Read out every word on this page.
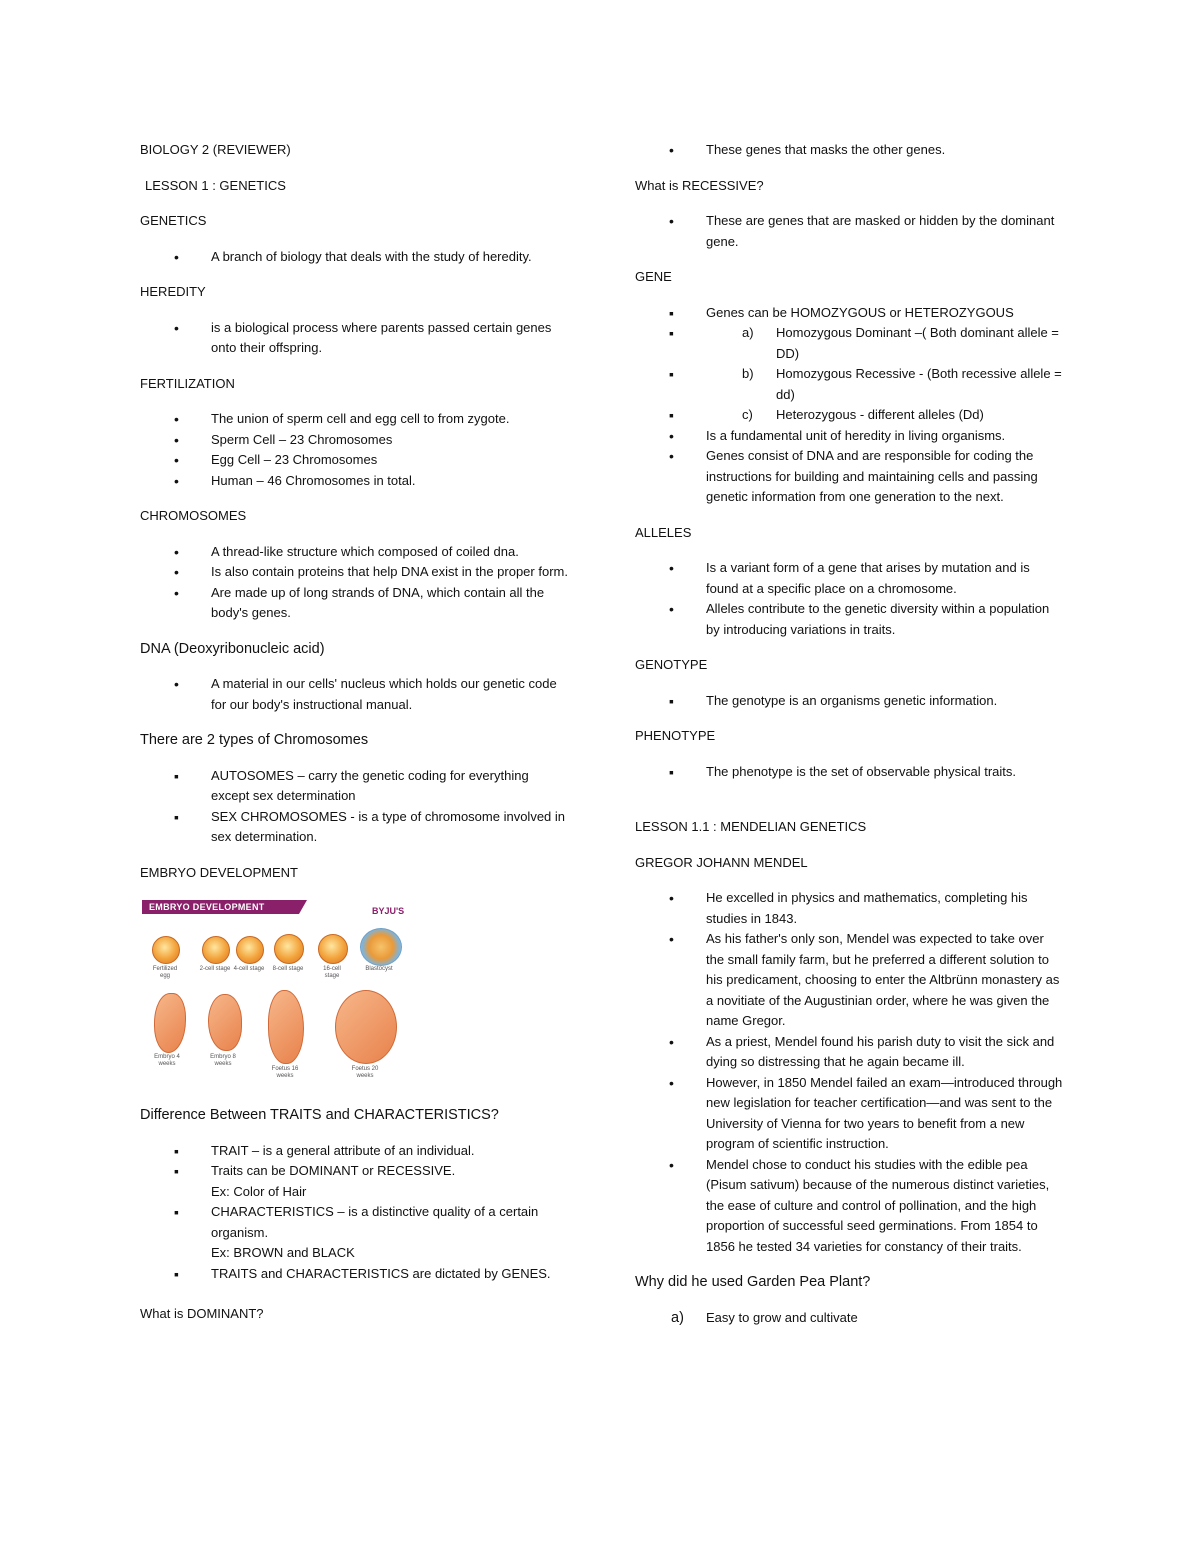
BIOLOGY 2 (REVIEWER)
LESSON 1 : GENETICS
GENETICS
• A branch of biology that deals with the study of heredity.
HEREDITY
• is a biological process where parents passed certain genes onto their offspring.
FERTILIZATION
• The union of sperm cell and egg cell to from zygote.
• Sperm Cell – 23 Chromosomes
• Egg Cell – 23 Chromosomes
• Human – 46 Chromosomes in total.
CHROMOSOMES
• A thread-like structure which composed of coiled dna.
• Is also contain proteins that help DNA exist in the proper form.
• Are made up of long strands of DNA, which contain all the body's genes.
DNA (Deoxyribonucleic acid)
• A material in our cells' nucleus which holds our genetic code for our body's instructional manual.
There are 2 types of Chromosomes
▪ AUTOSOMES – carry the genetic coding for everything except sex determination
▪ SEX CHROMOSOMES - is a type of chromosome involved in sex determination.
EMBRYO DEVELOPMENT
EMBRYO DEVELOPMENT	BYJU'S
Fertilized egg
2-cell stage 4-cell stage 8-cell stage	16-cell stage
Blastocyst
Embryo 4 weeks
Embryo 8 weeks
Foetus 16 weeks
Foetus 20 weeks
Difference Between TRAITS and CHARACTERISTICS?
▪ TRAIT – is a general attribute of an individual.
▪ Traits can be DOMINANT or RECESSIVE.
Ex: Color of Hair
▪ CHARACTERISTICS – is a distinctive quality of a certain organism.
Ex: BROWN and BLACK
▪ TRAITS and CHARACTERISTICS are dictated by GENES.
What is DOMINANT?
• These genes that masks the other genes.
What is RECESSIVE?
• These are genes that are masked or hidden by the dominant gene.
GENE
▪ Genes can be HOMOZYGOUS or HETEROZYGOUS
▪ a) Homozygous Dominant –( Both dominant allele = DD)
▪ b) Homozygous Recessive - (Both recessive allele = dd)
▪ c) Heterozygous - different alleles (Dd)
• Is a fundamental unit of heredity in living organisms.
• Genes consist of DNA and are responsible for coding the instructions for building and maintaining cells and passing genetic information from one generation to the next.
ALLELES
• Is a variant form of a gene that arises by mutation and is found at a specific place on a chromosome.
• Alleles contribute to the genetic diversity within a population by introducing variations in traits.
GENOTYPE
▪ The genotype is an organisms genetic information.
PHENOTYPE
▪ The phenotype is the set of observable physical traits.
LESSON 1.1 : MENDELIAN GENETICS
GREGOR JOHANN MENDEL
• He excelled in physics and mathematics, completing his studies in 1843.
• As his father's only son, Mendel was expected to take over the small family farm, but he preferred a different solution to his predicament, choosing to enter the Altbrünn monastery as a novitiate of the Augustinian order, where he was given the name Gregor.
• As a priest, Mendel found his parish duty to visit the sick and dying so distressing that he again became ill.
• However, in 1850 Mendel failed an exam—introduced through new legislation for teacher certification—and was sent to the University of Vienna for two years to benefit from a new program of scientific instruction.
• Mendel chose to conduct his studies with the edible pea (Pisum sativum) because of the numerous distinct varieties, the ease of culture and control of pollination, and the high proportion of successful seed germinations. From 1854 to 1856 he tested 34 varieties for constancy of their traits.
Why did he used Garden Pea Plant?
a) Easy to grow and cultivate
